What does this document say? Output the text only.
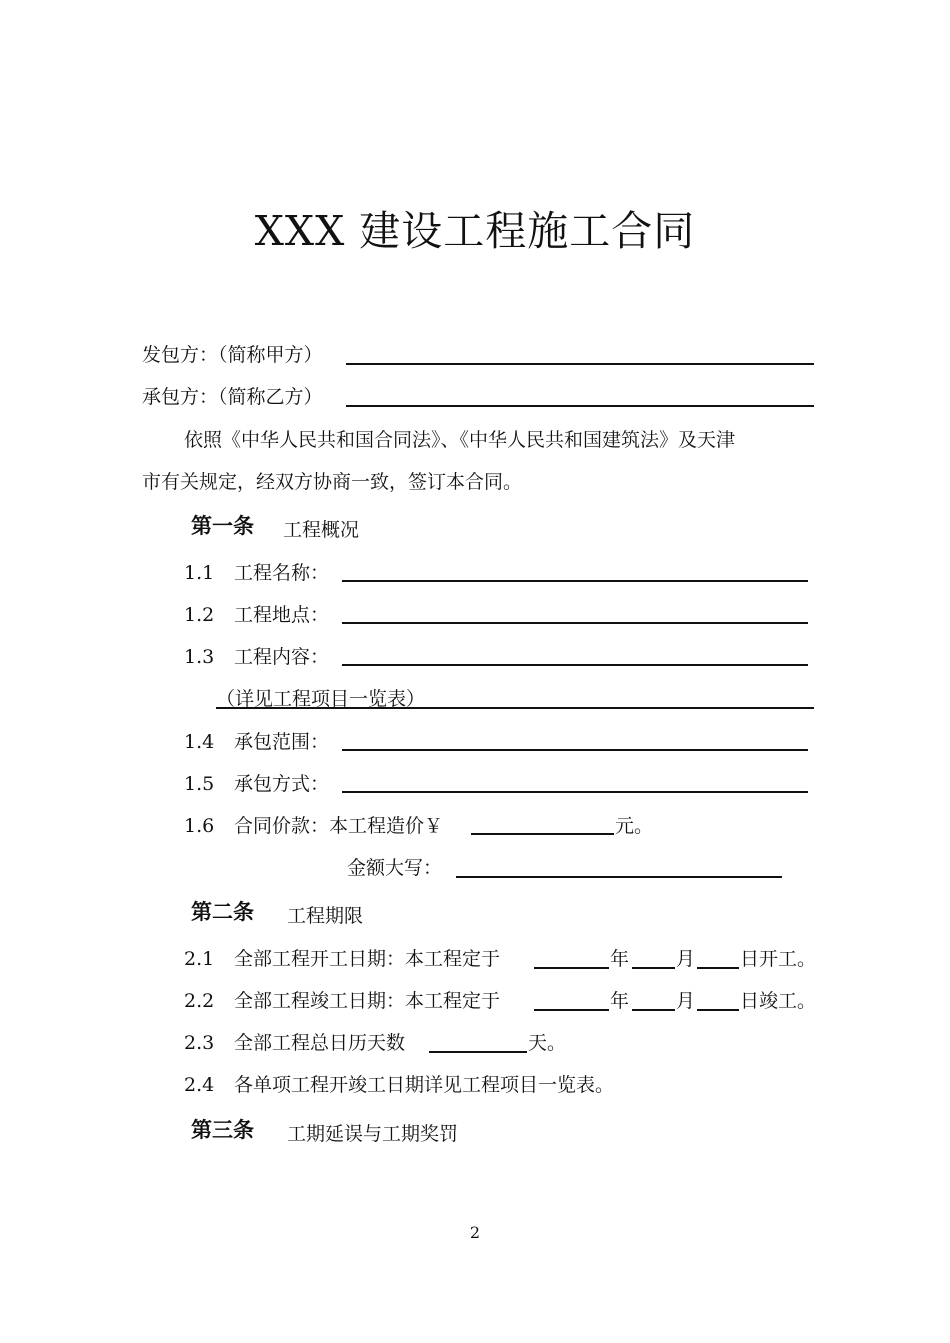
XXX 建设工程施工合同
发包方：（简称甲方）
承包方：（简称乙方）
依照《中华人民共和国合同法》、《中华人民共和国建筑法》及天津
市有关规定，经双方协商一致，签订本合同。
第一条 工程概况
1.1 工程名称：
1.2 工程地点：
1.3 工程内容：
（详见工程项目一览表）
1.4 承包范围：
1.5 承包方式：
1.6 合同价款：本工程造价￥	元。
金额大写：
第二条 工程期限
2.1 全部工程开工日期：本工程定于	年 月 日开工。
2.2 全部工程竣工日期：本工程定于	年 月 日竣工。
2.3 全部工程总日历天数	天。
2.4 各单项工程开竣工日期详见工程项目一览表。
第三条 工期延误与工期奖罚
2
